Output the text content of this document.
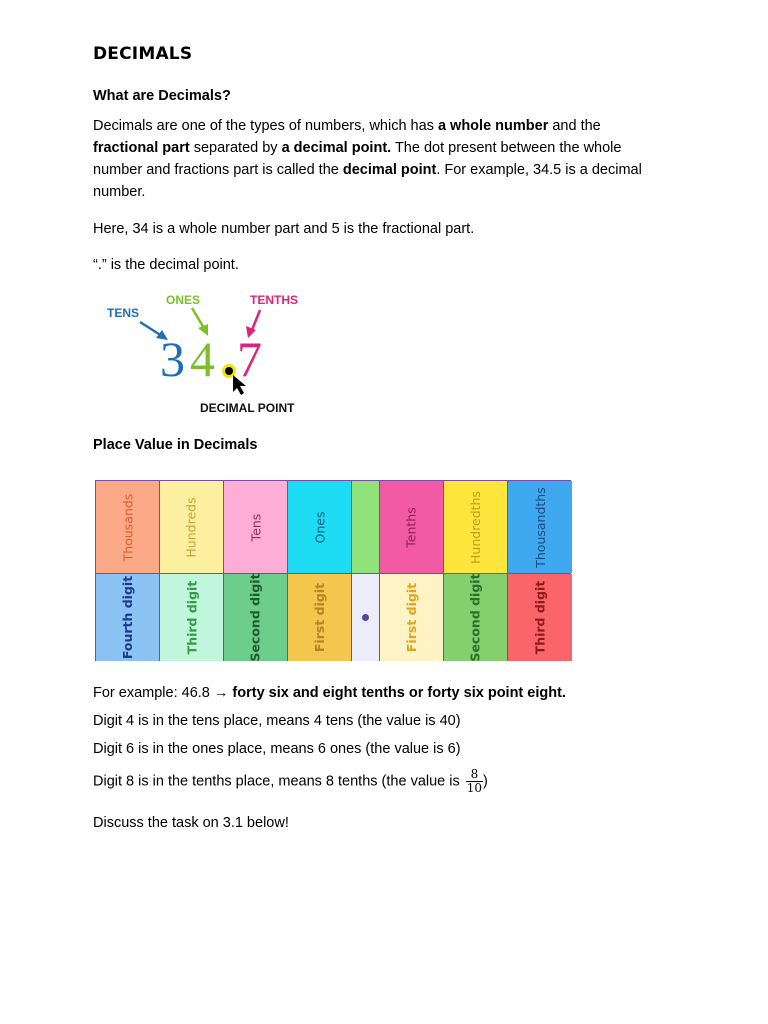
DECIMALS
What are Decimals?
Decimals are one of the types of numbers, which has a whole number and the
fractional part separated by a decimal point. The dot present between the whole number and fractions part is called the decimal point. For example, 34.5 is a decimal number.
Here, 34 is a whole number part and 5 is the fractional part.
“.” is the decimal point.
TENS
ONES	TENTHS
3 4 7
DECIMAL POINT
Place Value in Decimals
Thousands
Fourth digit
Hundreds
Third digit
Tens
Second digit
Ones
First digit
Tenths
First digit
Hundredths
Second digit
Thousandths
Third digit
For example: 46.8 → forty six and eight tenths or forty six point eight.
Digit 4 is in the tens place, means 4 tens (the value is 40)
Digit 6 is in the ones place, means 6 ones (the value is 6)
Digit 8 is in the tenths place, means 8 tenths (the value is $\frac{8}{10}$ )
Discuss the task on 3.1 below!
